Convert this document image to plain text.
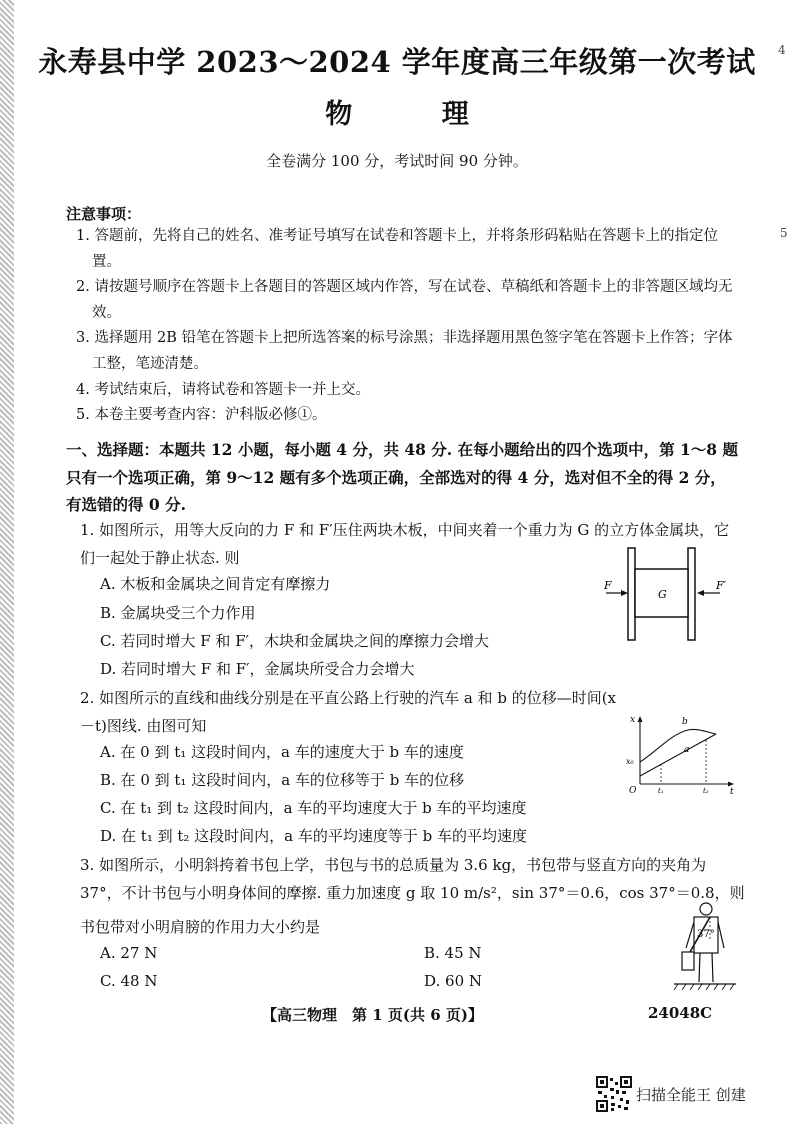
4
5
永寿县中学 2023～2024 学年度高三年级第一次考试
物 理
全卷满分 100 分，考试时间 90 分钟。
注意事项：

1. 答题前，先将自己的姓名、准考证号填写在试卷和答题卡上，并将条形码粘贴在答题卡上的指定位置。

2. 请按题号顺序在答题卡上各题目的答题区域内作答，写在试卷、草稿纸和答题卡上的非答题区域均无效。

3. 选择题用 2B 铅笔在答题卡上把所选答案的标号涂黑；非选择题用黑色签字笔在答题卡上作答；字体工整，笔迹清楚。

4. 考试结束后，请将试卷和答题卡一并上交。

5. 本卷主要考查内容：沪科版必修①。

一、选择题：本题共 12 小题，每小题 4 分，共 48 分. 在每小题给出的四个选项中，第 1～8 题只有一个选项正确，第 9～12 题有多个选项正确，全部选对的得 4 分，选对但不全的得 2 分，有选错的得 0 分.
1. 如图所示，用等大反向的力 F 和 F′压住两块木板，中间夹着一个重力为 G 的立方体金属块，它们一起处于静止状态. 则
A. 木板和金属块之间肯定有摩擦力
B. 金属块受三个力作用
C. 若同时增大 F 和 F′，木块和金属块之间的摩擦力会增大
D. 若同时增大 F 和 F′，金属块所受合力会增大
G
F	F′
2. 如图所示的直线和曲线分别是在平直公路上行驶的汽车 a 和 b 的位移—时间(x－t)图线. 由图可知
A. 在 0 到 t₁ 这段时间内，a 车的速度大于 b 车的速度
B. 在 0 到 t₁ 这段时间内，a 车的位移等于 b 车的位移
C. 在 t₁ 到 t₂ 这段时间内，a 车的平均速度大于 b 车的平均速度
D. 在 t₁ 到 t₂ 这段时间内，a 车的平均速度等于 b 车的平均速度
x
t
O
x₀
b
a
t₁	t₂
3. 如图所示，小明斜挎着书包上学，书包与书的总质量为 3.6 kg，书包带与竖直方向的夹角为
37°，不计书包与小明身体间的摩擦. 重力加速度 g 取 10 m/s²，sin 37°＝0.6，cos 37°＝0.8，则
书包带对小明肩膀的作用力大小约是
A. 27 N	B. 45 N
C. 48 N	D. 60 N
37°
【高三物理　第 1 页(共 6 页)】	24048C
扫描全能王 创建
